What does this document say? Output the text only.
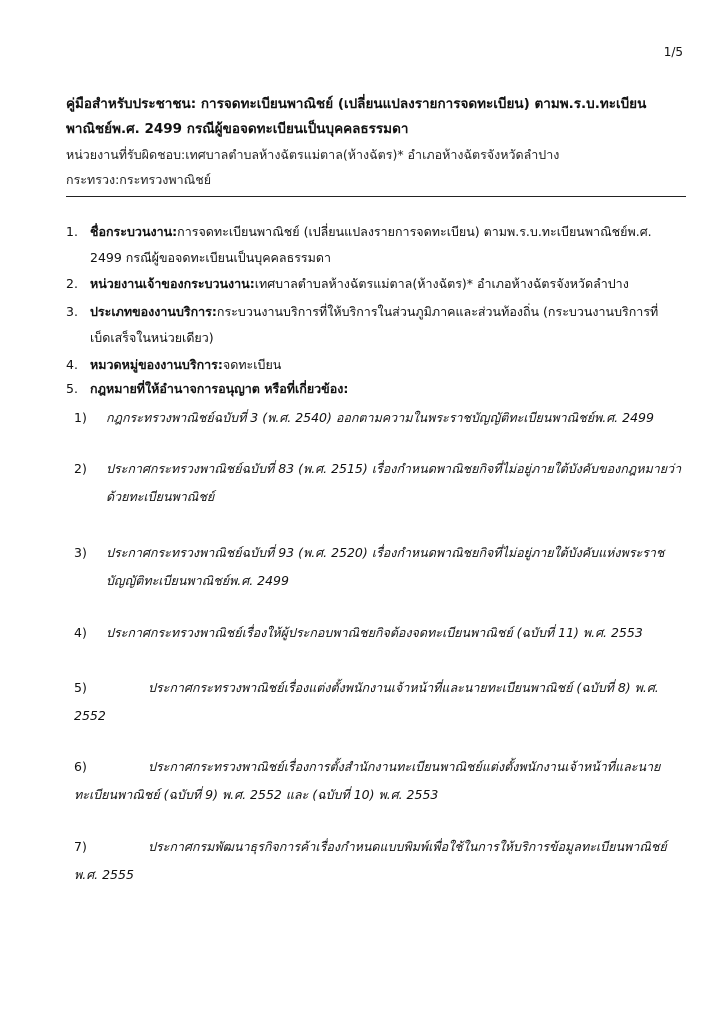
1/5

คู่มือสำหรับประชาชน: การจดทะเบียนพาณิชย์ (เปลี่ยนแปลงรายการจดทะเบียน) ตามพ.ร.บ.ทะเบียนพาณิชย์พ.ศ. 2499 กรณีผู้ขอจดทะเบียนเป็นบุคคลธรรมดา

หน่วยงานที่รับผิดชอบ:เทศบาลตำบลห้างฉัตรแม่ตาล(ห้างฉัตร)* อำเภอห้างฉัตรจังหวัดลำปาง

กระทรวง:กระทรวงพาณิชย์

1. ชื่อกระบวนงาน:การจดทะเบียนพาณิชย์ (เปลี่ยนแปลงรายการจดทะเบียน) ตามพ.ร.บ.ทะเบียนพาณิชย์พ.ศ. 2499 กรณีผู้ขอจดทะเบียนเป็นบุคคลธรรมดา
2. หน่วยงานเจ้าของกระบวนงาน:เทศบาลตำบลห้างฉัตรแม่ตาล(ห้างฉัตร)* อำเภอห้างฉัตรจังหวัดลำปาง
3. ประเภทของงานบริการ:กระบวนงานบริการที่ให้บริการในส่วนภูมิภาคและส่วนท้องถิ่น (กระบวนงานบริการที่เบ็ดเสร็จในหน่วยเดียว)
4. หมวดหมู่ของงานบริการ:จดทะเบียน
5. กฎหมายที่ให้อำนาจการอนุญาต หรือที่เกี่ยวข้อง:
1) กฎกระทรวงพาณิชย์ฉบับที่ 3 (พ.ศ. 2540) ออกตามความในพระราชบัญญัติทะเบียนพาณิชย์พ.ศ. 2499
2) ประกาศกระทรวงพาณิชย์ฉบับที่ 83 (พ.ศ. 2515) เรื่องกำหนดพาณิชยกิจที่ไม่อยู่ภายใต้บังคับของกฎหมายว่าด้วยทะเบียนพาณิชย์
3) ประกาศกระทรวงพาณิชย์ฉบับที่ 93 (พ.ศ. 2520) เรื่องกำหนดพาณิชยกิจที่ไม่อยู่ภายใต้บังคับแห่งพระราชบัญญัติทะเบียนพาณิชย์พ.ศ. 2499
4) ประกาศกระทรวงพาณิชย์เรื่องให้ผู้ประกอบพาณิชยกิจต้องจดทะเบียนพาณิชย์ (ฉบับที่ 11) พ.ศ. 2553
5)	ประกาศกระทรวงพาณิชย์เรื่องแต่งตั้งพนักงานเจ้าหน้าที่และนายทะเบียนพาณิชย์ (ฉบับที่ 8) พ.ศ. 2552
6)	ประกาศกระทรวงพาณิชย์เรื่องการตั้งสำนักงานทะเบียนพาณิชย์แต่งตั้งพนักงานเจ้าหน้าที่และนายทะเบียนพาณิชย์ (ฉบับที่ 9) พ.ศ. 2552 และ (ฉบับที่ 10) พ.ศ. 2553
7)	ประกาศกรมพัฒนาธุรกิจการค้าเรื่องกำหนดแบบพิมพ์เพื่อใช้ในการให้บริการข้อมูลทะเบียนพาณิชย์ พ.ศ. 2555
